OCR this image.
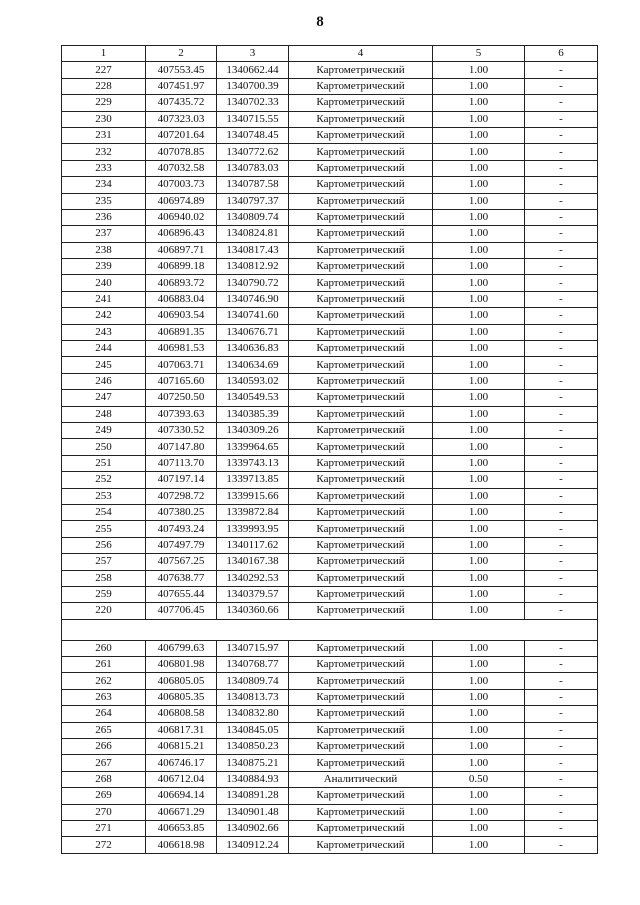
8
1	2	3	4	5	6
227	407553.45	1340662.44	Картометрический	1.00	-
228	407451.97	1340700.39	Картометрический	1.00	-
229	407435.72	1340702.33	Картометрический	1.00	-
230	407323.03	1340715.55	Картометрический	1.00	-
231	407201.64	1340748.45	Картометрический	1.00	-
232	407078.85	1340772.62	Картометрический	1.00	-
233	407032.58	1340783.03	Картометрический	1.00	-
234	407003.73	1340787.58	Картометрический	1.00	-
235	406974.89	1340797.37	Картометрический	1.00	-
236	406940.02	1340809.74	Картометрический	1.00	-
237	406896.43	1340824.81	Картометрический	1.00	-
238	406897.71	1340817.43	Картометрический	1.00	-
239	406899.18	1340812.92	Картометрический	1.00	-
240	406893.72	1340790.72	Картометрический	1.00	-
241	406883.04	1340746.90	Картометрический	1.00	-
242	406903.54	1340741.60	Картометрический	1.00	-
243	406891.35	1340676.71	Картометрический	1.00	-
244	406981.53	1340636.83	Картометрический	1.00	-
245	407063.71	1340634.69	Картометрический	1.00	-
246	407165.60	1340593.02	Картометрический	1.00	-
247	407250.50	1340549.53	Картометрический	1.00	-
248	407393.63	1340385.39	Картометрический	1.00	-
249	407330.52	1340309.26	Картометрический	1.00	-
250	407147.80	1339964.65	Картометрический	1.00	-
251	407113.70	1339743.13	Картометрический	1.00	-
252	407197.14	1339713.85	Картометрический	1.00	-
253	407298.72	1339915.66	Картометрический	1.00	-
254	407380.25	1339872.84	Картометрический	1.00	-
255	407493.24	1339993.95	Картометрический	1.00	-
256	407497.79	1340117.62	Картометрический	1.00	-
257	407567.25	1340167.38	Картометрический	1.00	-
258	407638.77	1340292.53	Картометрический	1.00	-
259	407655.44	1340379.57	Картометрический	1.00	-
220	407706.45	1340360.66	Картометрический	1.00	-

260	406799.63	1340715.97	Картометрический	1.00	-
261	406801.98	1340768.77	Картометрический	1.00	-
262	406805.05	1340809.74	Картометрический	1.00	-
263	406805.35	1340813.73	Картометрический	1.00	-
264	406808.58	1340832.80	Картометрический	1.00	-
265	406817.31	1340845.05	Картометрический	1.00	-
266	406815.21	1340850.23	Картометрический	1.00	-
267	406746.17	1340875.21	Картометрический	1.00	-
268	406712.04	1340884.93	Аналитический	0.50	-
269	406694.14	1340891.28	Картометрический	1.00	-
270	406671.29	1340901.48	Картометрический	1.00	-
271	406653.85	1340902.66	Картометрический	1.00	-
272	406618.98	1340912.24	Картометрический	1.00	-
